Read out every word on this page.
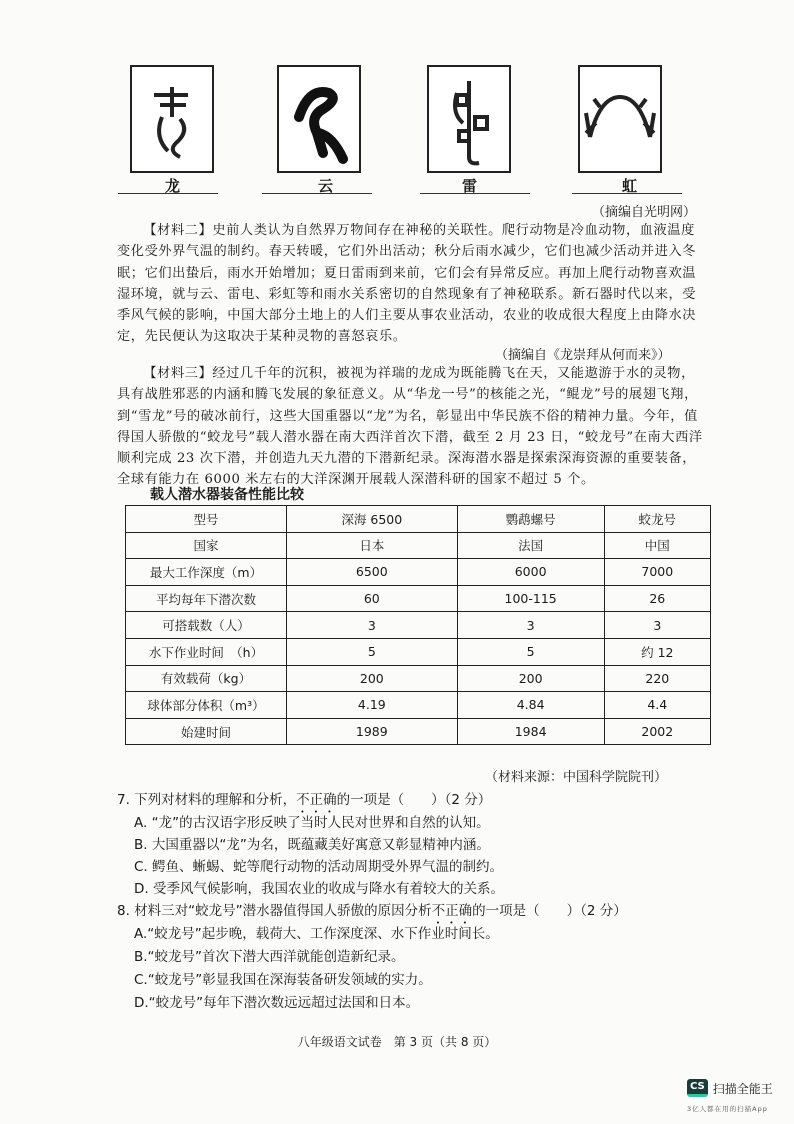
龙	云	雷	虹
（摘编自光明网）
【材料二】史前人类认为自然界万物间存在神秘的关联性。爬行动物是冷血动物，血液温度变化受外界气温的制约。春天转暖，它们外出活动；秋分后雨水减少，它们也减少活动并进入冬眠；它们出蛰后，雨水开始增加；夏日雷雨到来前，它们会有异常反应。再加上爬行动物喜欢温湿环境，就与云、雷电、彩虹等和雨水关系密切的自然现象有了神秘联系。新石器时代以来，受季风气候的影响，中国大部分土地上的人们主要从事农业活动，农业的收成很大程度上由降水决定，先民便认为这取决于某种灵物的喜怒哀乐。
（摘编自《龙崇拜从何而来》）
【材料三】经过几千年的沉积，被视为祥瑞的龙成为既能腾飞在天，又能遨游于水的灵物，具有战胜邪恶的内涵和腾飞发展的象征意义。从“华龙一号”的核能之光，“鲲龙”号的展翅飞翔，到“雪龙”号的破冰前行，这些大国重器以“龙”为名，彰显出中华民族不俗的精神力量。今年，值得国人骄傲的“蛟龙号”载人潜水器在南大西洋首次下潜，截至 2 月 23 日，“蛟龙号”在南大西洋顺利完成 23 次下潜，并创造九天九潜的下潜新纪录。深海潜水器是探索深海资源的重要装备，全球有能力在 6000 米左右的大洋深渊开展载人深潜科研的国家不超过 5 个。
载人潜水器装备性能比较
型号	深海 6500	鹦鹉螺号	蛟龙号
国家	日本	法国	中国
最大工作深度（m）	6500	6000	7000
平均每年下潜次数	60	100-115	26
可搭载数（人）	3	3	3
水下作业时间　（h）	5	5	约 12
有效载荷（kg）	200	200	220
球体部分体积（m³）	4.19	4.84	4.4
始建时间	1989	1984	2002
（材料来源：中国科学院院刊）
7. 下列对材料的理解和分析，不正确的一项是（　　）（2 分）
A. “龙”的古汉语字形反映了当时人民对世界和自然的认知。
B. 大国重器以“龙”为名，既蕴藏美好寓意又彰显精神内涵。
C. 鳄鱼、蜥蜴、蛇等爬行动物的活动周期受外界气温的制约。
D. 受季风气候影响，我国农业的收成与降水有着较大的关系。
8. 材料三对“蛟龙号”潜水器值得国人骄傲的原因分析不正确的一项是（　　）（2 分）
A.“蛟龙号”起步晚，载荷大、工作深度深、水下作业时间长。
B.“蛟龙号”首次下潜大西洋就能创造新纪录。
C.“蛟龙号”彰显我国在深海装备研发领域的实力。
D.“蛟龙号”每年下潜次数远远超过法国和日本。
八年级语文试卷　第 3 页（共 8 页）
CS 扫描全能王
3亿人都在用的扫描App
